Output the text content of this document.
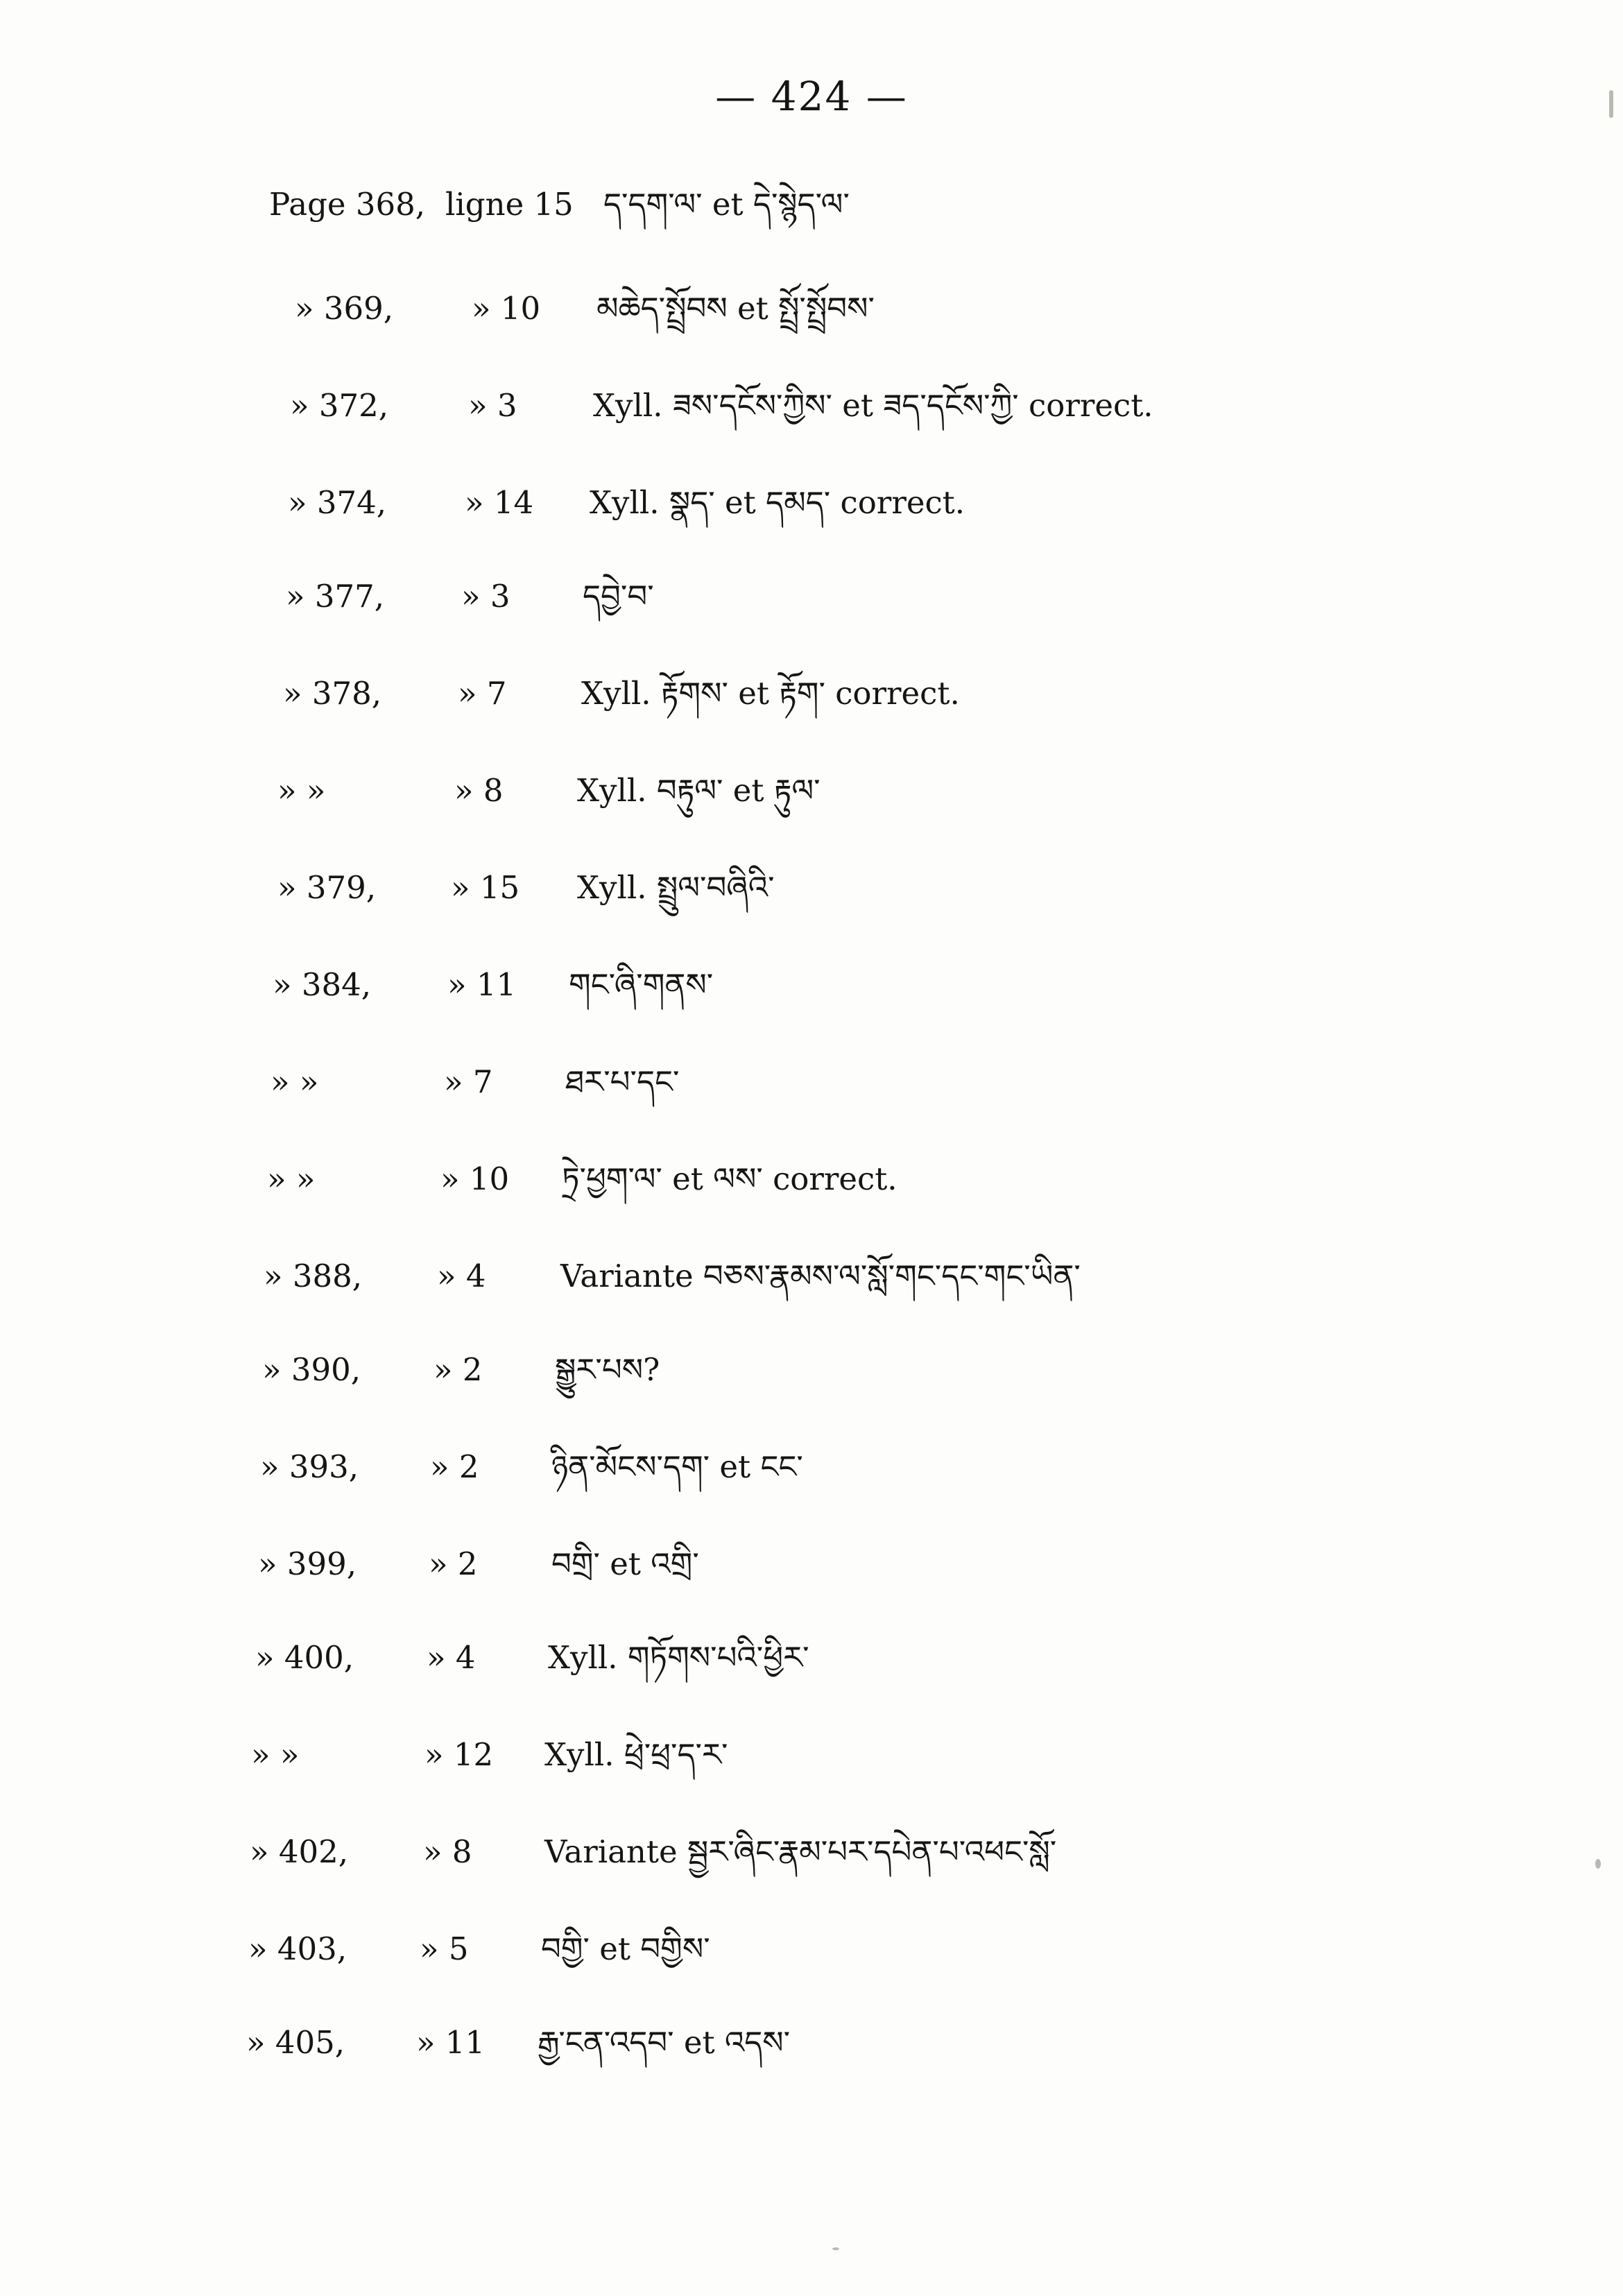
— 424 —
Page 368, ligne 15 ད་དག་ལ་ et དེ་སྙེད་ལ་
» 369,	» 10 མཆེད་སྤྲོབས et སྤྲོ་སྤྲོབས་
» 372,	» 3 Xyll. ཟས་དངོས་ཀྱིས་ et ཟད་དངོས་ཀྱི་ correct.
» 374,	» 14 Xyll. སྣད་ et དམད་ correct.
» 377, » 3 དབྱེ་བ་
» 378, » 7 Xyll. རྟོགས་ et རྟོག་ correct.
» »	» 8 Xyll. བརྟུལ་ et རྟུལ་
» 379, » 15 Xyll. སྤྲུལ་བཞིའི་
» 384, » 11 གང་ཞི་གནས་
» »	» 7 ཐར་པ་དང་
» »	» 10 ཏྲེ་ཕྱག་ལ་ et ལས་ correct.
» 388, » 4 Variante བཅས་རྣམས་ལ་སློ་གང་དང་གང་ཡིན་
» 390, » 2 སྒྱུར་པས?
» 393, » 2 ཉིན་མོངས་དག་ et ངང་
» 399, » 2 བགྲི་ et འགྲི་
» 400, » 4 Xyll. གཏོགས་པའི་ཕྱིར་
» »	» 12 Xyll. ཕྲེ་ཕྲ་ད་ར་
» 402, » 8 Variante སྦྱར་ཞིང་རྣམ་པར་དཔེན་པ་འཕང་སློ་
» 403, » 5 བགྱི་ et བགྱིས་
» 405, » 11 རྒྱ་ངན་འདབ་ et འདས་
